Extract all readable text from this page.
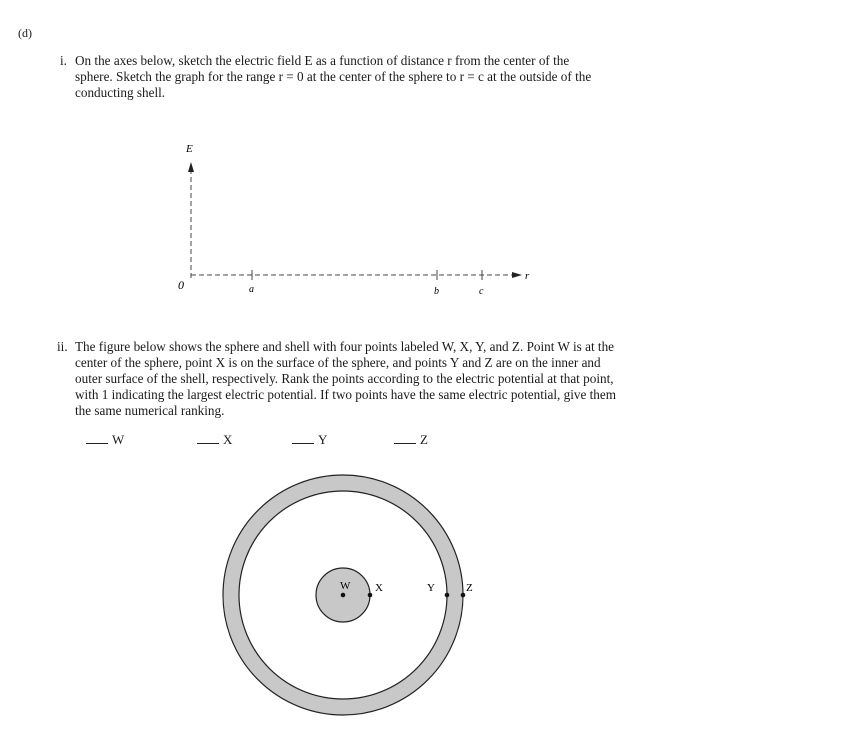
(d)
i. On the axes below, sketch the electric field E as a function of distance r from the center of the
sphere. Sketch the graph for the range r = 0 at the center of the sphere to r = c at the outside of the
conducting shell.
E
r
0	a	b	c
W X	Y	Z
ii. The figure below shows the sphere and shell with four points labeled W, X, Y, and Z. Point W is at the
center of the sphere, point X is on the surface of the sphere, and points Y and Z are on the inner and
outer surface of the shell, respectively. Rank the points according to the electric potential at that point,
with 1 indicating the largest electric potential. If two points have the same electric potential, give them
the same numerical ranking.
W	X	Y	Z
